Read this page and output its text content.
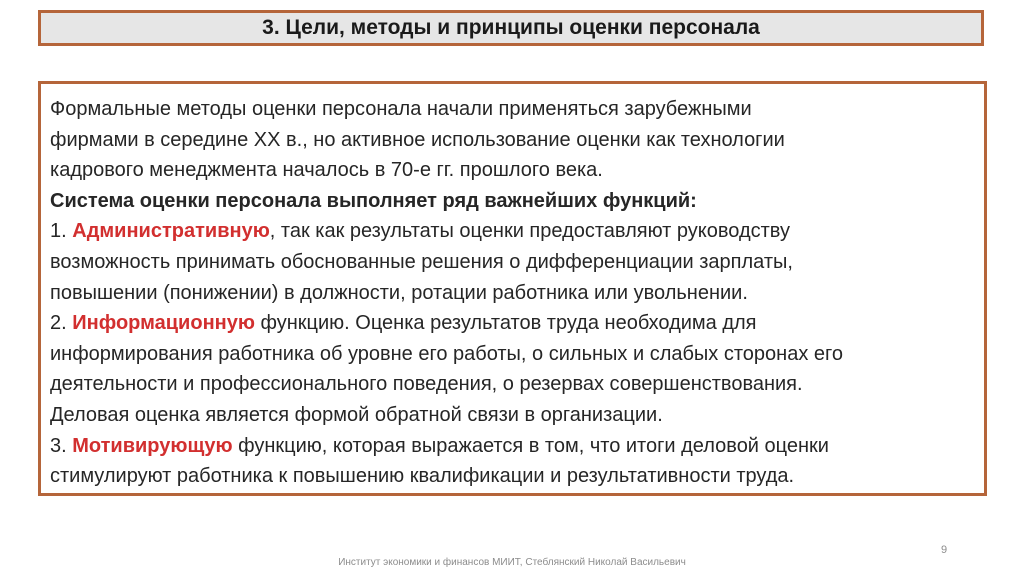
3. Цели, методы и принципы оценки персонала
Формальные методы оценки персонала начали применяться зарубежными
фирмами в середине XX в., но активное использование оценки как технологии
кадрового менеджмента началось в 70-е гг. прошлого века.
Система оценки персонала выполняет ряд важнейших функций:
1. Административную, так как результаты оценки предоставляют руководству
возможность принимать обоснованные решения о дифференциации зарплаты,
повышении (понижении) в должности, ротации работника или увольнении.
2. Информационную функцию. Оценка результатов труда необходима для
информирования работника об уровне его работы, о сильных и слабых сторонах его
деятельности и профессионального поведения, о резервах совершенствования.
Деловая оценка является формой обратной связи в организации.
3. Мотивирующую функцию, которая выражается в том, что итоги деловой оценки
стимулируют работника к повышению квалификации и результативности труда.
9
Институт экономики и финансов МИИТ, Стеблянский Николай Васильевич
